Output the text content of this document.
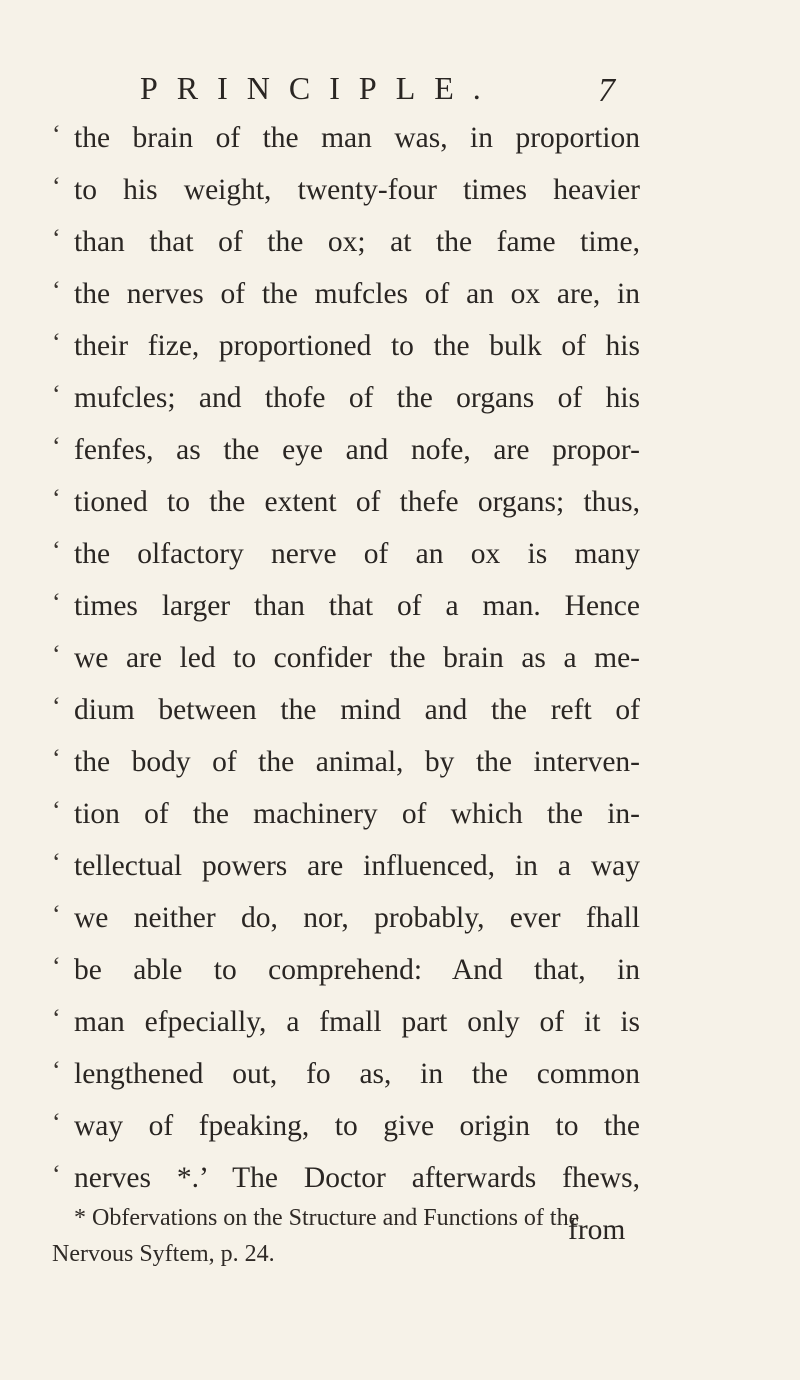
PRINCIPLE.	7
‘ the brain of the man was, in proportion
‘ to his weight, twenty-four times heavier
‘ than that of the ox; at the fame time,
‘ the nerves of the mufcles of an ox are, in
‘ their fize, proportioned to the bulk of his
‘ mufcles; and thofe of the organs of his
‘ fenfes, as the eye and nofe, are propor-
‘ tioned to the extent of thefe organs; thus,
‘ the olfactory nerve of an ox is many
‘ times larger than that of a man. Hence
‘ we are led to confider the brain as a me-
‘ dium between the mind and the reft of
‘ the body of the animal, by the interven-
‘ tion of the machinery of which the in-
‘ tellectual powers are influenced, in a way
‘ we neither do, nor, probably, ever fhall
‘ be able to comprehend: And that, in
‘ man efpecially, a fmall part only of it is
‘ lengthened out, fo as, in the common
‘ way of fpeaking, to give origin to the
‘ nerves *.’ The Doctor afterwards fhews,
from
* Obfervations on the Structure and Functions of the Nervous Syftem, p. 24.
